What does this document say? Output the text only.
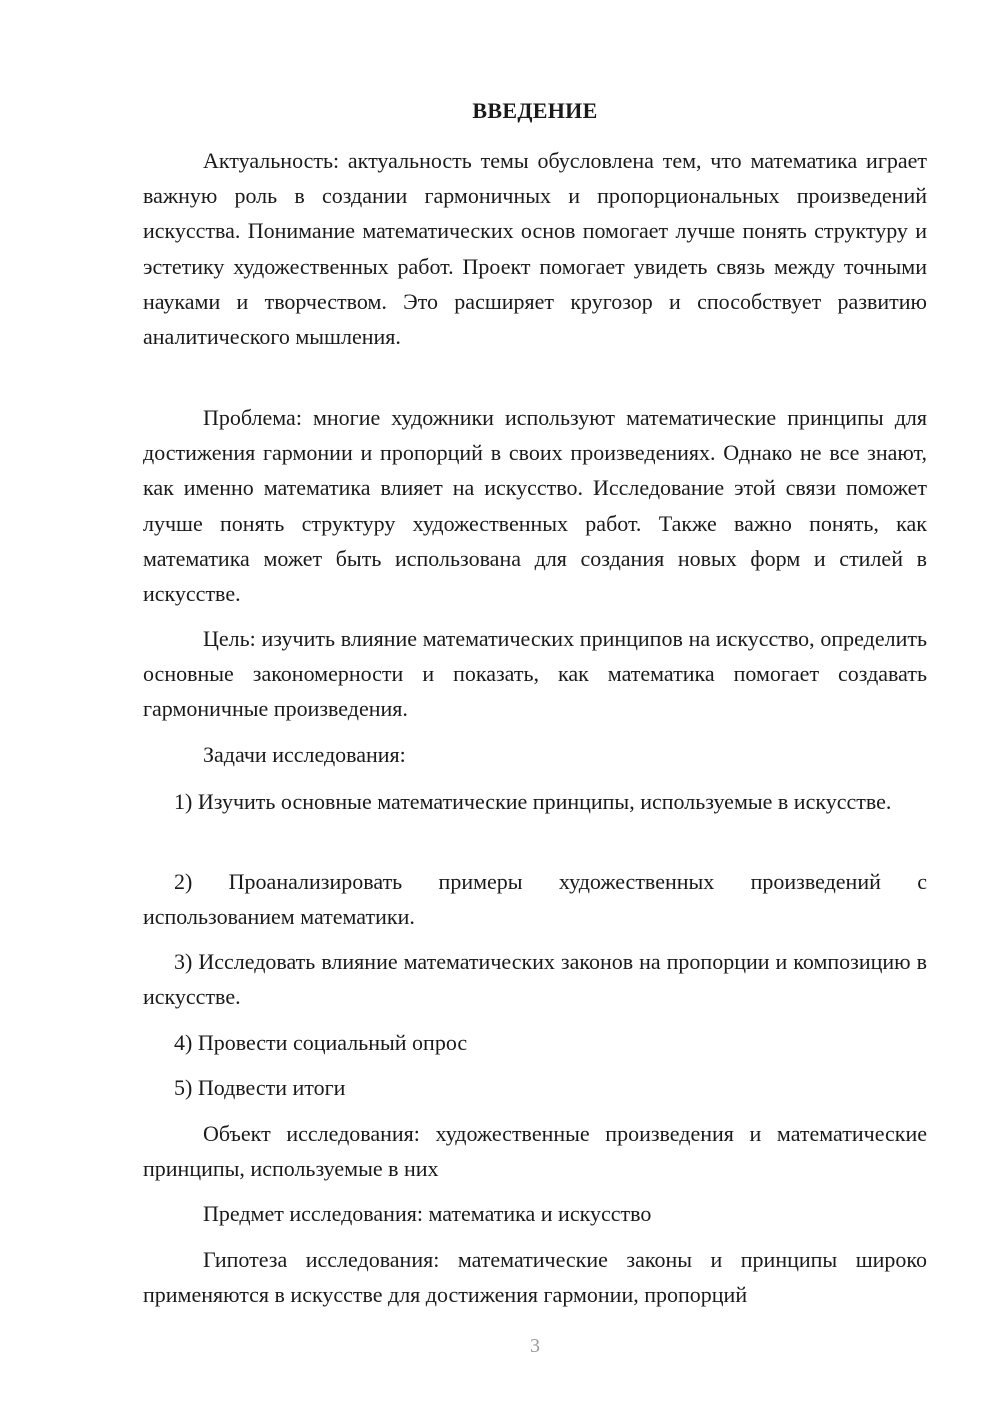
ВВЕДЕНИЕ

Актуальность: актуальность темы обусловлена тем, что математика играет важную роль в создании гармоничных и пропорциональных произведений искусства. Понимание математических основ помогает лучше понять структуру и эстетику художественных работ. Проект помогает увидеть связь между точными науками и творчеством. Это расширяет кругозор и способствует развитию аналитического мышления.

Проблема: многие художники используют математические принципы для достижения гармонии и пропорций в своих произведениях. Однако не все знают, как именно математика влияет на искусство. Исследование этой связи поможет лучше понять структуру художественных работ. Также важно понять, как математика может быть использована для создания новых форм и стилей в искусстве.

Цель: изучить влияние математических принципов на искусство, определить основные закономерности и показать, как математика помогает создавать гармоничные произведения.

Задачи исследования:

1) Изучить основные математические принципы, используемые в искусстве.

2) Проанализировать примеры художественных произведений с использованием математики.

3) Исследовать влияние математических законов на пропорции и композицию в искусстве.

4) Провести социальный опрос

5) Подвести итоги

Объект исследования: художественные произведения и математические принципы, используемые в них

Предмет исследования: математика и искусство

Гипотеза исследования: математические законы и принципы широко применяются в искусстве для достижения гармонии, пропорций

3
